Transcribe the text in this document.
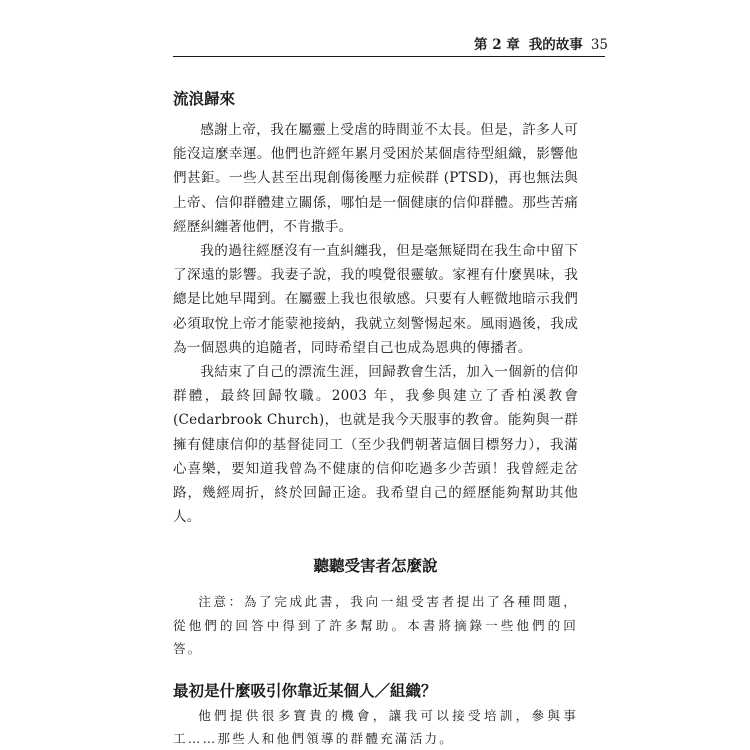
第 2 章 我的故事 35
流浪歸來

感謝上帝，我在屬靈上受虐的時間並不太長。但是，許多人可能沒這麼幸運。他們也許經年累月受困於某個虐待型組織，影響他們甚鉅。一些人甚至出現創傷後壓力症候群 (PTSD)，再也無法與上帝、信仰群體建立關係，哪怕是一個健康的信仰群體。那些苦痛經歷糾纏著他們，不肯撒手。

我的過往經歷沒有一直糾纏我，但是毫無疑問在我生命中留下了深遠的影響。我妻子說，我的嗅覺很靈敏。家裡有什麼異味，我總是比她早聞到。在屬靈上我也很敏感。只要有人輕微地暗示我們必須取悅上帝才能蒙祂接納，我就立刻警惕起來。風雨過後，我成為一個恩典的追隨者，同時希望自己也成為恩典的傳播者。

我結束了自己的漂流生涯，回歸教會生活，加入一個新的信仰群體，最終回歸牧職。2003 年，我參與建立了香柏溪教會 (Cedarbrook Church)，也就是我今天服事的教會。能夠與一群擁有健康信仰的基督徒同工（至少我們朝著這個目標努力），我滿心喜樂，要知道我曾為不健康的信仰吃過多少苦頭！我曾經走岔路，幾經周折，終於回歸正途。我希望自己的經歷能夠幫助其他人。

聽聽受害者怎麼說

注意：為了完成此書，我向一組受害者提出了各種問題，從他們的回答中得到了許多幫助。本書將摘錄一些他們的回答。

最初是什麼吸引你靠近某個人／組織？

他們提供很多寶貴的機會，讓我可以接受培訓，參與事工……那些人和他們領導的群體充滿活力。
